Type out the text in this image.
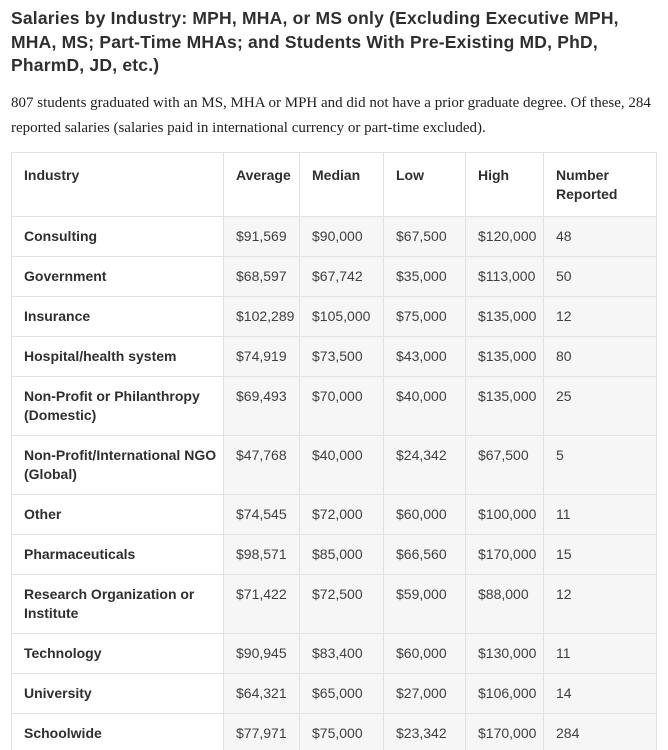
Salaries by Industry: MPH, MHA, or MS only (Excluding Executive MPH, MHA, MS; Part-Time MHAs; and Students With Pre-Existing MD, PhD, PharmD, JD, etc.)

807 students graduated with an MS, MHA or MPH and did not have a prior graduate degree. Of these, 284 reported salaries (salaries paid in international currency or part-time excluded).

Industry	Average	Median	Low	High	Number Reported
Consulting	$91,569	$90,000	$67,500	$120,000	48
Government	$68,597	$67,742	$35,000	$113,000	50
Insurance	$102,289	$105,000	$75,000	$135,000	12
Hospital/health system	$74,919	$73,500	$43,000	$135,000	80
Non-Profit or Philanthropy (Domestic)	$69,493	$70,000	$40,000	$135,000	25
Non-Profit/International NGO (Global)	$47,768	$40,000	$24,342	$67,500	5
Other	$74,545	$72,000	$60,000	$100,000	11
Pharmaceuticals	$98,571	$85,000	$66,560	$170,000	15
Research Organization or Institute	$71,422	$72,500	$59,000	$88,000	12
Technology	$90,945	$83,400	$60,000	$130,000	11
University	$64,321	$65,000	$27,000	$106,000	14
Schoolwide	$77,971	$75,000	$23,342	$170,000	284
